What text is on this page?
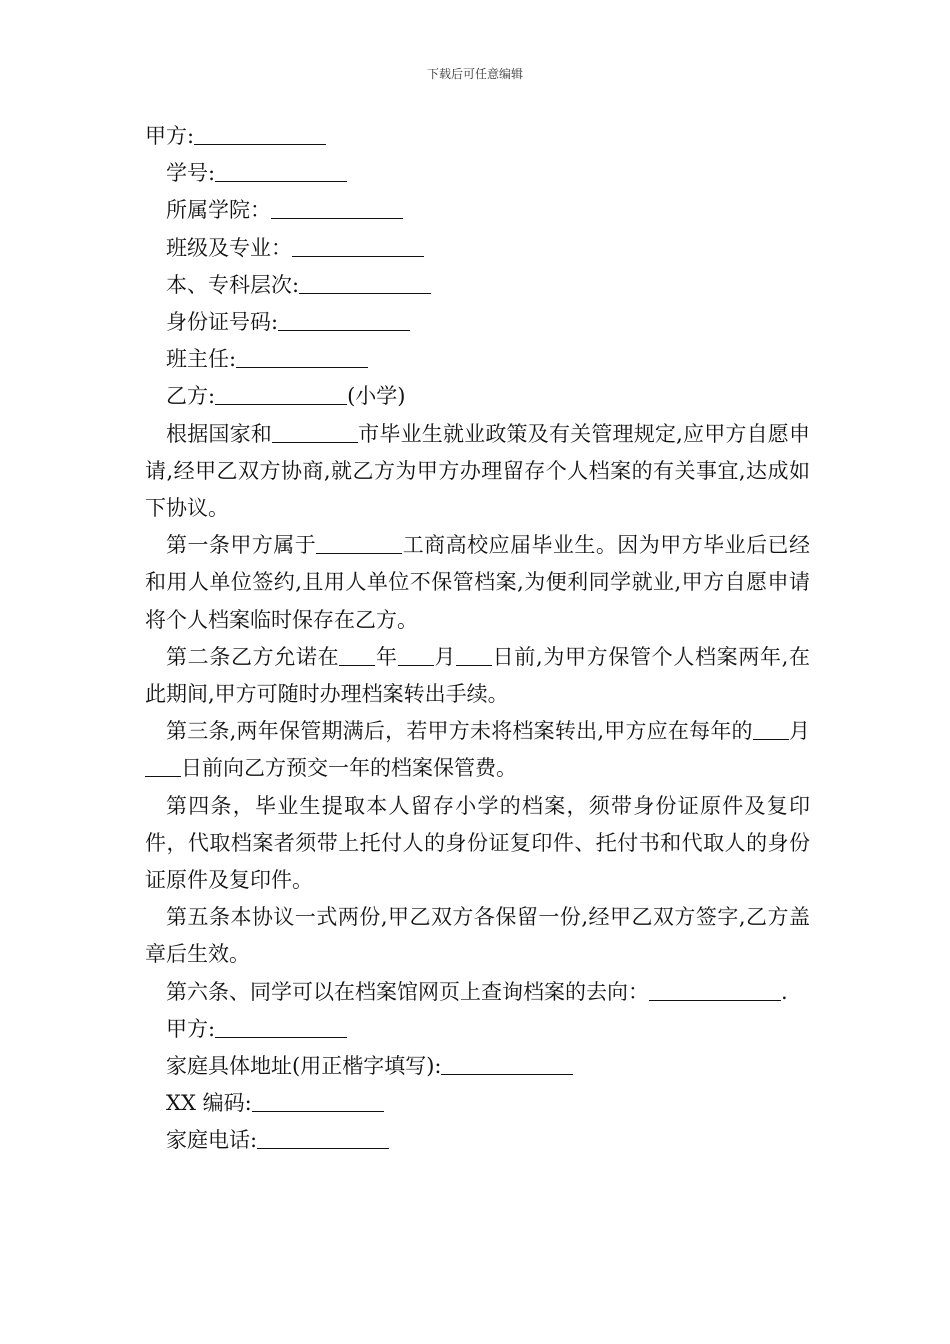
下载后可任意编辑
甲方:
学号:
所属学院：
班级及专业：
本、专科层次:
身份证号码:
班主任:
乙方:	(小学)
根据国家和	市毕业生就业政策及有关管理规定,应甲方自愿申请,经甲乙双方协商,就乙方为甲方办理留存个人档案的有关事宜,达成如下协议。
第一条甲方属于	工商高校应届毕业生。因为甲方毕业后已经和用人单位签约,且用人单位不保管档案,为便利同学就业,甲方自愿申请将个人档案临时保存在乙方。
第二条乙方允诺在 年 月 日前,为甲方保管个人档案两年,在此期间,甲方可随时办理档案转出手续。
第三条,两年保管期满后，若甲方未将档案转出,甲方应在每年的 月日前向乙方预交一年的档案保管费。
第四条，毕业生提取本人留存小学的档案，须带身份证原件及复印件，代取档案者须带上托付人的身份证复印件、托付书和代取人的身份证原件及复印件。
第五条本协议一式两份,甲乙双方各保留一份,经甲乙双方签字,乙方盖章后生效。
第六条、同学可以在档案馆网页上查询档案的去向：	.
甲方:
家庭具体地址(用正楷字填写):
XX 编码:
家庭电话:
